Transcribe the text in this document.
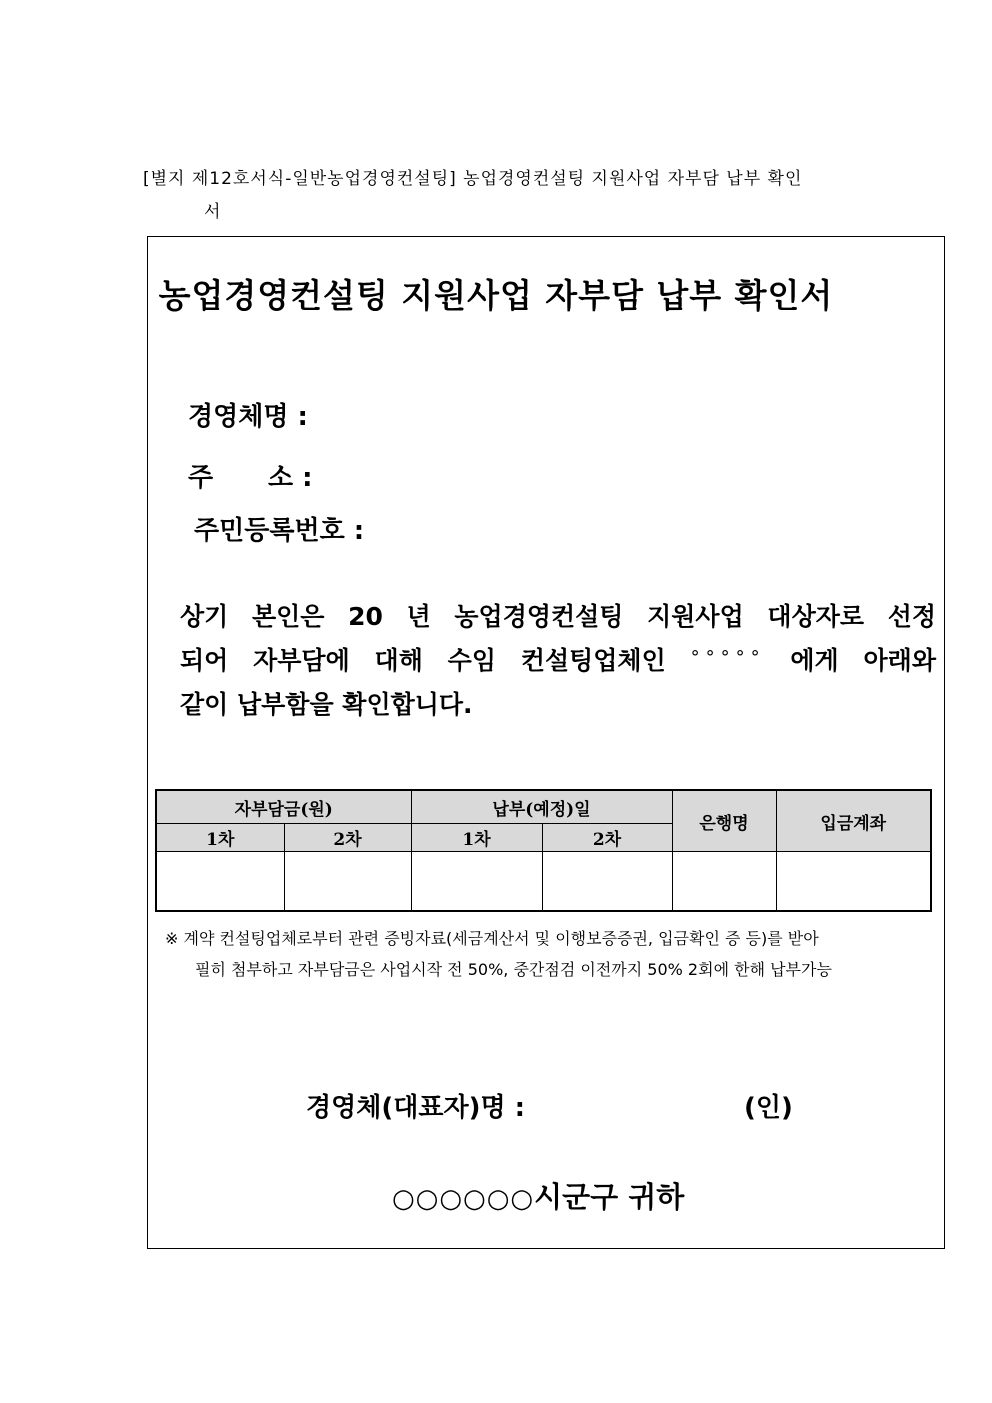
[별지 제12호서식-일반농업경영컨설팅] 농업경영컨설팅 지원사업 자부담 납부 확인
서
농업경영컨설팅 지원사업 자부담 납부 확인서
경영체명 :
주 소 :
주민등록번호 :
상기 본인은 20 년 농업경영컨설팅 지원사업 대상자로 선정
되어 자부담에 대해 수임 컨설팅업체인 °°°°° 에게 아래와
같이 납부함을 확인합니다.
자부담금(원)		납부(예정)일		은행명	입금계좌
1차	2차	1차	2차		

※ 계약 컨설팅업체로부터 관련 증빙자료(세금계산서 및 이행보증증권, 입금확인 증 등)를 받아
필히 첨부하고 자부담금은 사업시작 전 50%, 중간점검 이전까지 50% 2회에 한해 납부가능
경영체(대표자)명 :	(인)
○○○○○○시군구 귀하
